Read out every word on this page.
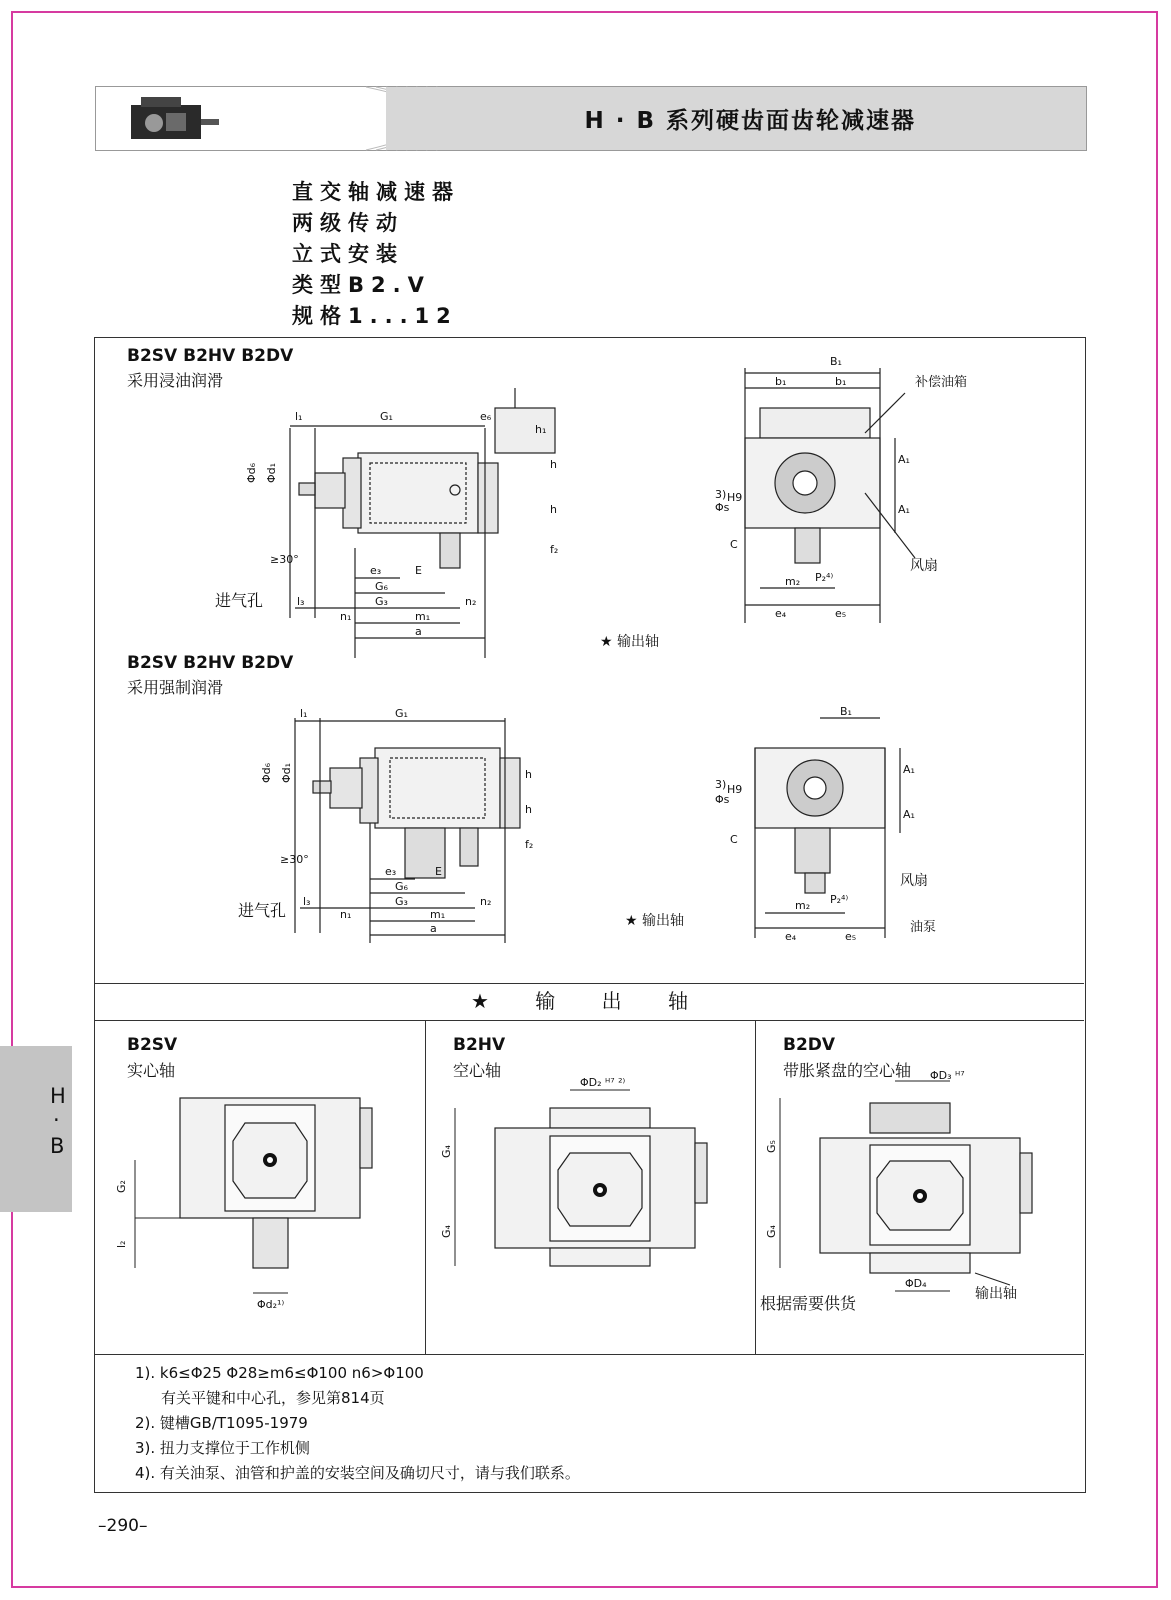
H · B 系列硬齿面齿轮减速器
直交轴减速器
两级传动
立式安装
类型B2.V
规格1...12
B2SV B2HV B2DV
采用浸油润滑
l₁	G₁	e₆
e₃	E
G₆
l₃	G₃	n₂
n₁	m₁
a
Φd₆ Φd₁
h₁
h
h
f₂
≥30°
进气孔
★ 输出轴
B₁
b₁	b₁
A₁
A₁
3)
Φs
H9
C
P₂⁴⁾
m₂
e₄	e₅
补偿油箱
风扇
B2SV B2HV B2DV
采用强制润滑
l₁	G₁
e₃	E
G₆
l₃	G₃	n₂
n₁	m₁
a
Φd₆ Φd₁	h
h
f₂
≥30°
进气孔
★ 输出轴
B₁
A₁
A₁
3)
Φs
H9
C
P₂⁴⁾
m₂
e₄	e₅
风扇
油泵
★ 输 出 轴
B2SV
实心轴
B2HV
空心轴
B2DV
带胀紧盘的空心轴
G₂
l₂
Φd₂¹⁾
ΦD₂ ᴴ⁷ ²⁾
G₄
G₄
ΦD₃ ᴴ⁷
G₅
G₄
ΦD₄
根据需要供货	输出轴
1). k6≤Φ25 Φ28≥m6≤Φ100 n6>Φ100
有关平键和中心孔，参见第814页
2). 键槽GB/T1095-1979
3). 扭力支撑位于工作机侧
4). 有关油泵、油管和护盖的安装空间及确切尺寸，请与我们联系。
H
·
B
–290–
